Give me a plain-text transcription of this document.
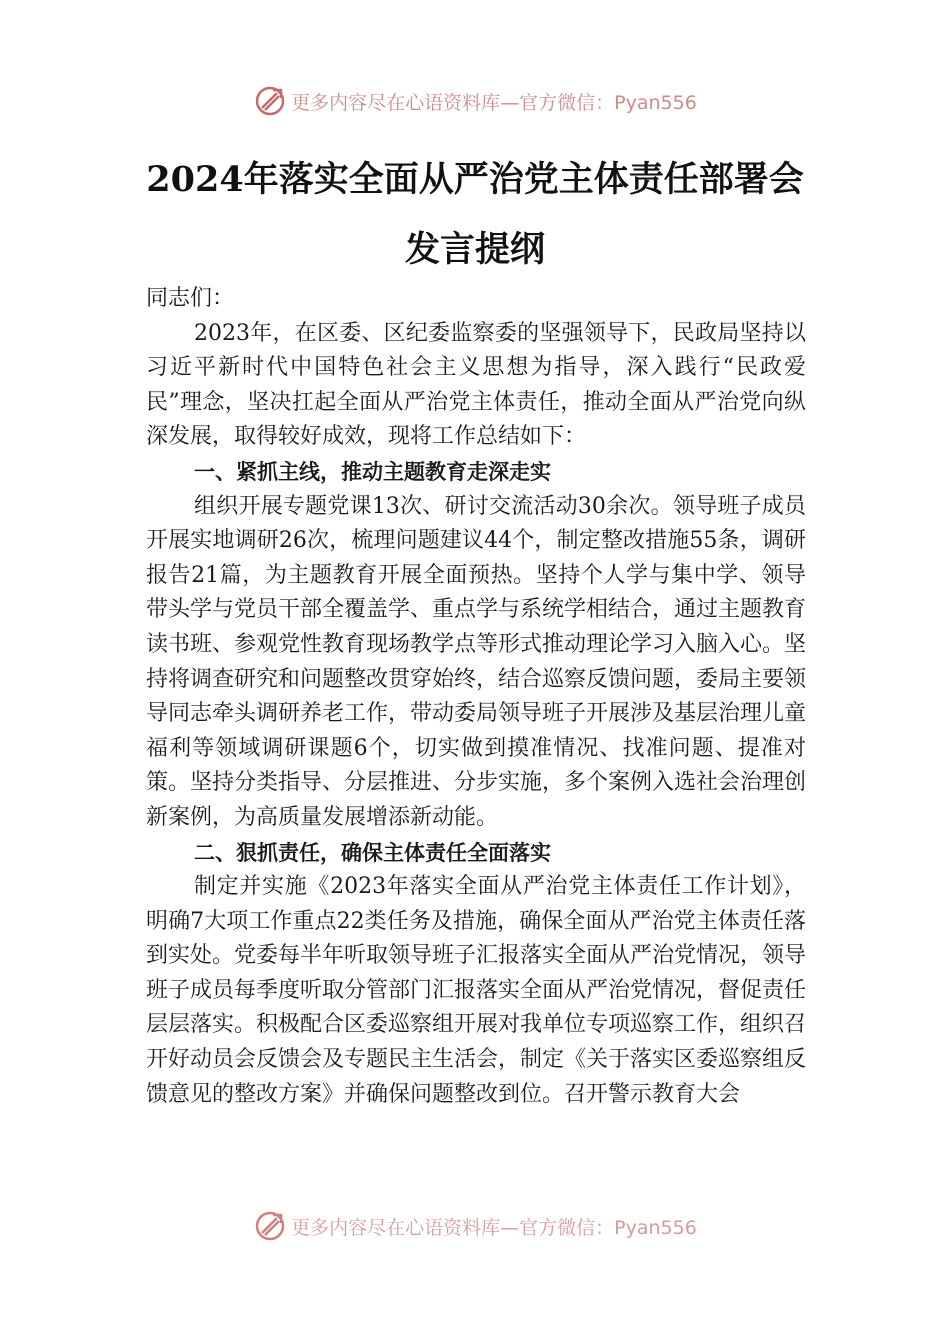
更多内容尽在心语资料库—官方微信：Pyan556
2024年落实全面从严治党主体责任部署会
发言提纲

同志们：

2023年，在区委、区纪委监察委的坚强领导下，民政局坚持以习近平新时代中国特色社会主义思想为指导，深入践行“民政爱民”理念，坚决扛起全面从严治党主体责任，推动全面从严治党向纵深发展，取得较好成效，现将工作总结如下：

一、紧抓主线，推动主题教育走深走实

组织开展专题党课13次、研讨交流活动30余次。领导班子成员开展实地调研26次，梳理问题建议44个，制定整改措施55条，调研报告21篇，为主题教育开展全面预热。坚持个人学与集中学、领导带头学与党员干部全覆盖学、重点学与系统学相结合，通过主题教育读书班、参观党性教育现场教学点等形式推动理论学习入脑入心。坚持将调查研究和问题整改贯穿始终，结合巡察反馈问题，委局主要领导同志牵头调研养老工作，带动委局领导班子开展涉及基层治理儿童福利等领域调研课题6个，切实做到摸准情况、找准问题、提准对策。坚持分类指导、分层推进、分步实施，多个案例入选社会治理创新案例，为高质量发展增添新动能。

二、狠抓责任，确保主体责任全面落实

制定并实施《2023年落实全面从严治党主体责任工作计划》，明确7大项工作重点22类任务及措施，确保全面从严治党主体责任落到实处。党委每半年听取领导班子汇报落实全面从严治党情况，领导班子成员每季度听取分管部门汇报落实全面从严治党情况，督促责任层层落实。积极配合区委巡察组开展对我单位专项巡察工作，组织召开好动员会反馈会及专题民主生活会，制定《关于落实区委巡察组反馈意见的整改方案》并确保问题整改到位。召开警示教育大会

更多内容尽在心语资料库—官方微信：Pyan556
